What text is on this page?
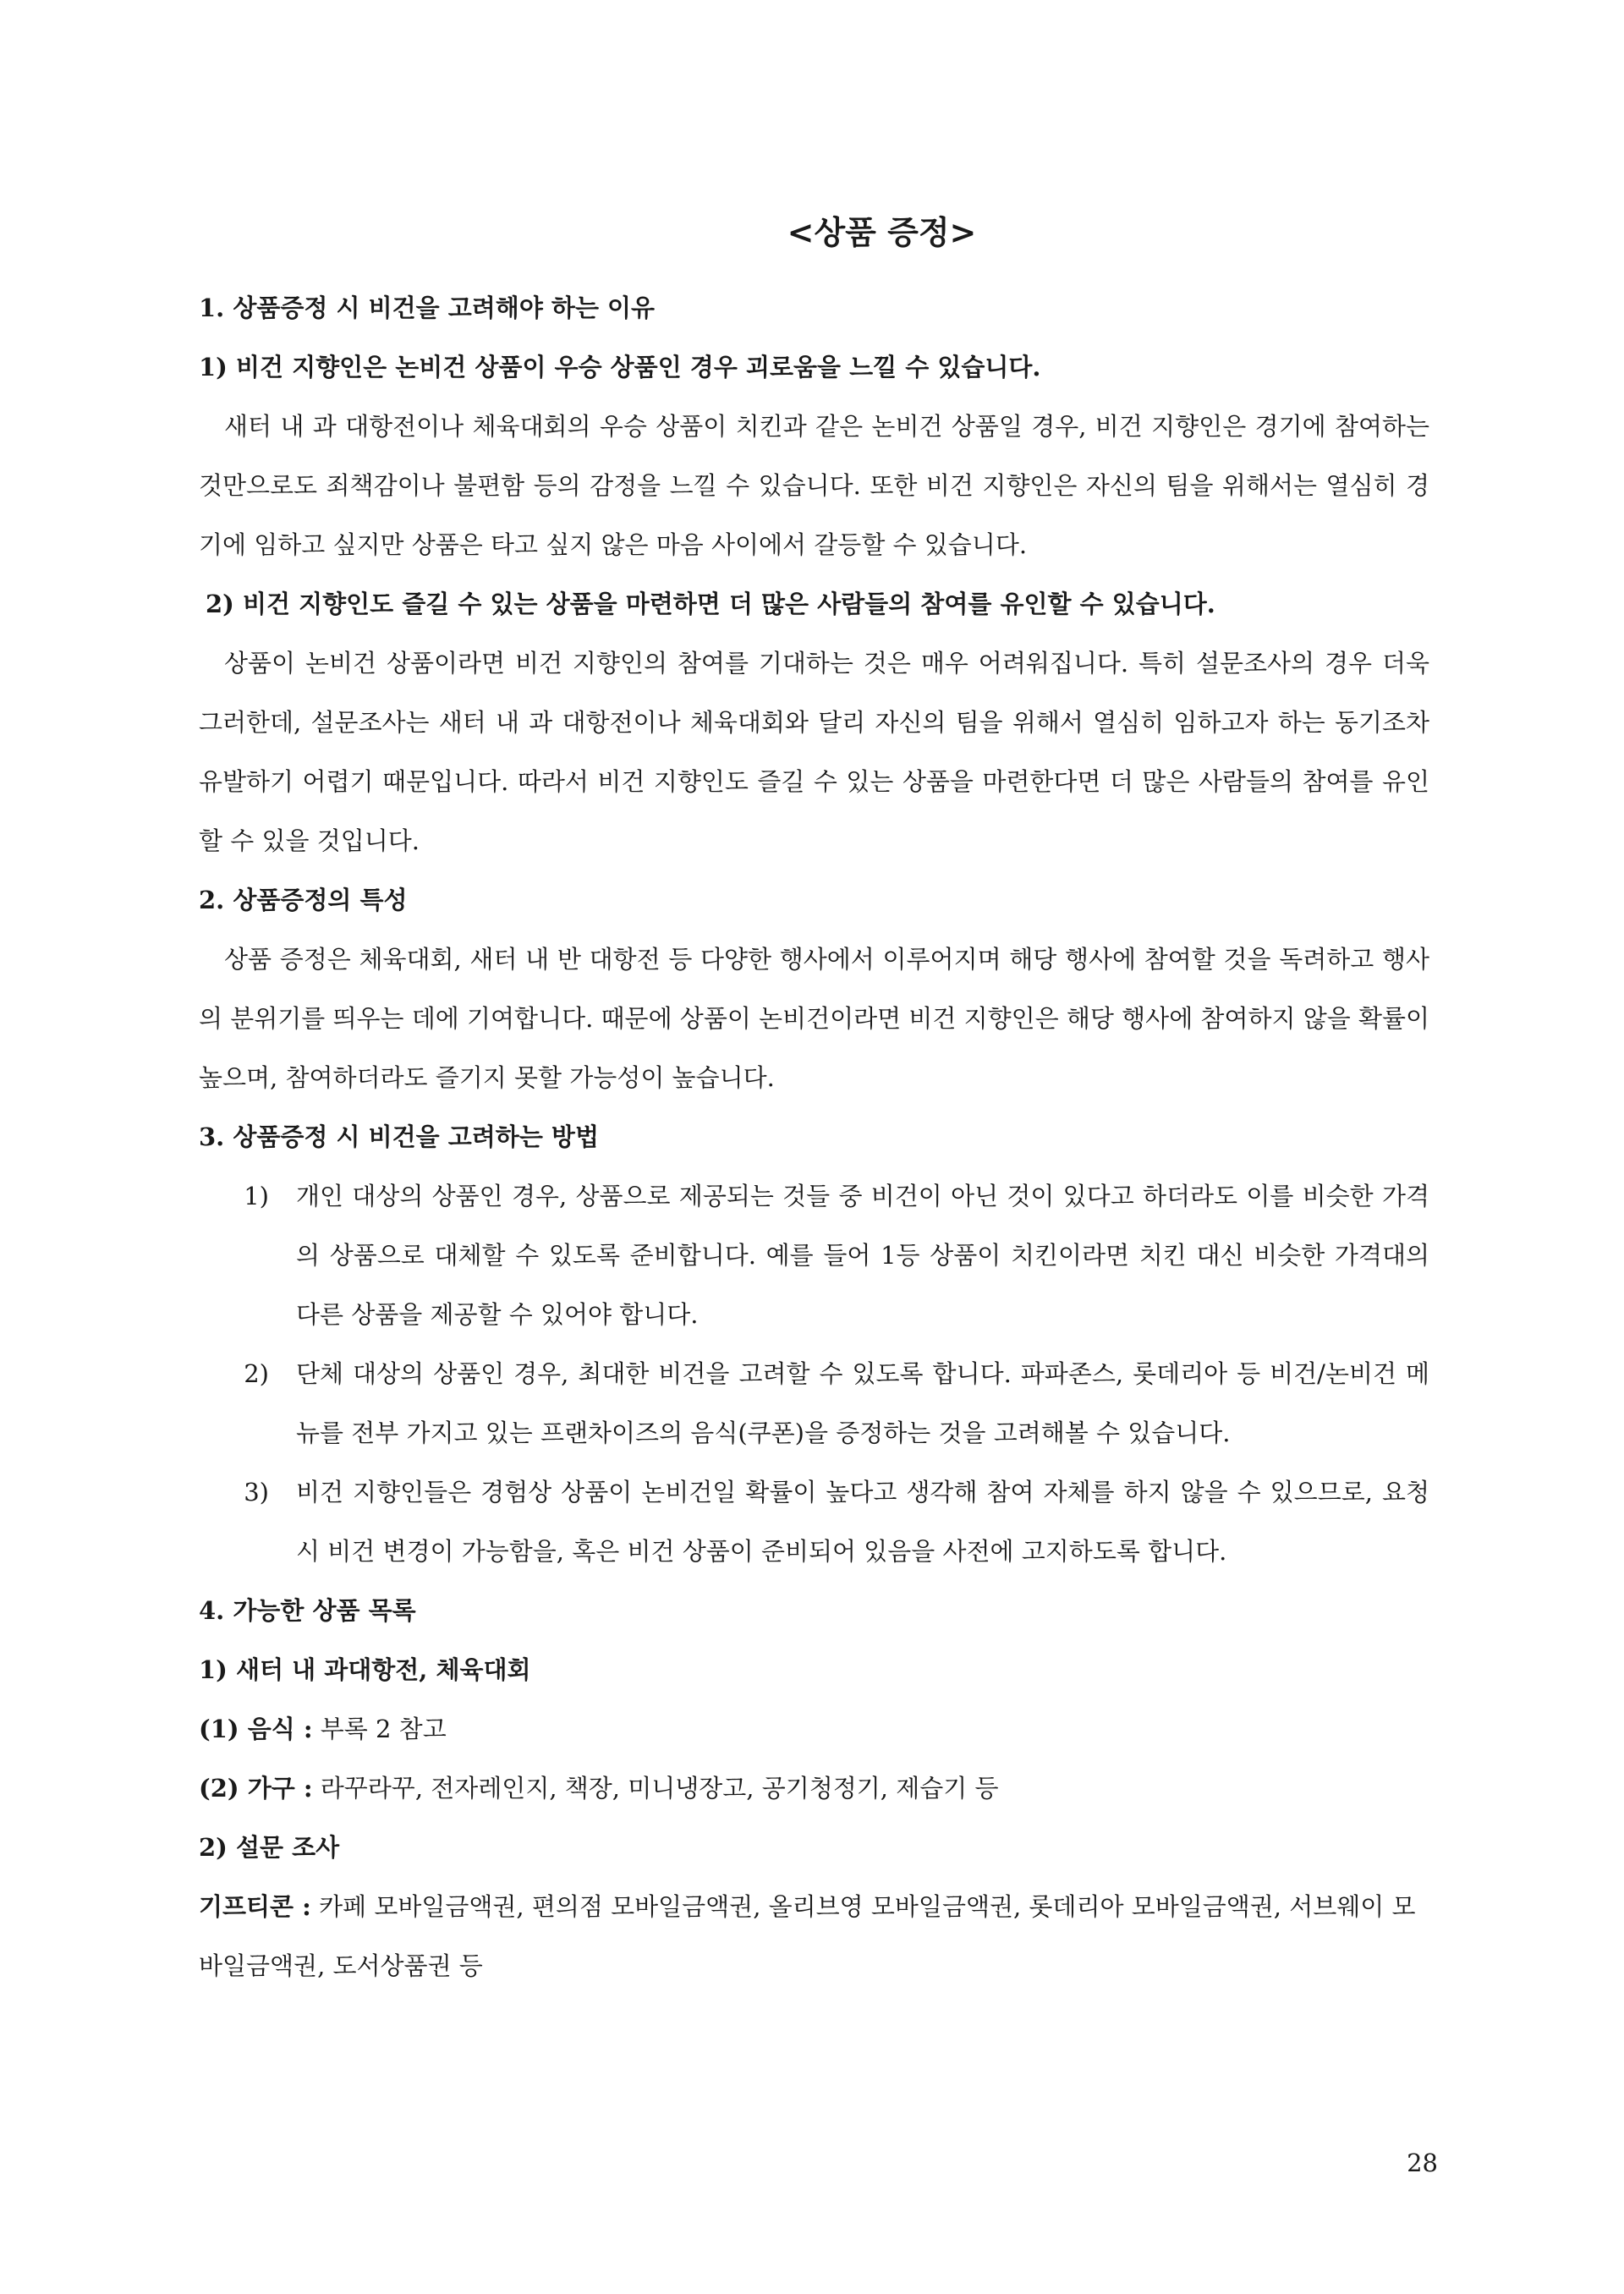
<상품 증정>

1. 상품증정 시 비건을 고려해야 하는 이유

1) 비건 지향인은 논비건 상품이 우승 상품인 경우 괴로움을 느낄 수 있습니다.

새터 내 과 대항전이나 체육대회의 우승 상품이 치킨과 같은 논비건 상품일 경우, 비건 지향인은 경기에 참여하는 것만으로도 죄책감이나 불편함 등의 감정을 느낄 수 있습니다. 또한 비건 지향인은 자신의 팀을 위해서는 열심히 경기에 임하고 싶지만 상품은 타고 싶지 않은 마음 사이에서 갈등할 수 있습니다.

2) 비건 지향인도 즐길 수 있는 상품을 마련하면 더 많은 사람들의 참여를 유인할 수 있습니다.

상품이 논비건 상품이라면 비건 지향인의 참여를 기대하는 것은 매우 어려워집니다. 특히 설문조사의 경우 더욱 그러한데, 설문조사는 새터 내 과 대항전이나 체육대회와 달리 자신의 팀을 위해서 열심히 임하고자 하는 동기조차 유발하기 어렵기 때문입니다. 따라서 비건 지향인도 즐길 수 있는 상품을 마련한다면 더 많은 사람들의 참여를 유인할 수 있을 것입니다.

2. 상품증정의 특성

상품 증정은 체육대회, 새터 내 반 대항전 등 다양한 행사에서 이루어지며 해당 행사에 참여할 것을 독려하고 행사의 분위기를 띄우는 데에 기여합니다. 때문에 상품이 논비건이라면 비건 지향인은 해당 행사에 참여하지 않을 확률이 높으며, 참여하더라도 즐기지 못할 가능성이 높습니다.

3. 상품증정 시 비건을 고려하는 방법

1)	개인 대상의 상품인 경우, 상품으로 제공되는 것들 중 비건이 아닌 것이 있다고 하더라도 이를 비슷한 가격의 상품으로 대체할 수 있도록 준비합니다. 예를 들어 1등 상품이 치킨이라면 치킨 대신 비슷한 가격대의 다른 상품을 제공할 수 있어야 합니다.
2)	단체 대상의 상품인 경우, 최대한 비건을 고려할 수 있도록 합니다. 파파존스, 롯데리아 등 비건/논비건 메뉴를 전부 가지고 있는 프랜차이즈의 음식(쿠폰)을 증정하는 것을 고려해볼 수 있습니다.
3)	비건 지향인들은 경험상 상품이 논비건일 확률이 높다고 생각해 참여 자체를 하지 않을 수 있으므로, 요청 시 비건 변경이 가능함을, 혹은 비건 상품이 준비되어 있음을 사전에 고지하도록 합니다.

4. 가능한 상품 목록

1) 새터 내 과대항전, 체육대회

(1) 음식 : 부록 2 참고

(2) 가구 : 라꾸라꾸, 전자레인지, 책장, 미니냉장고, 공기청정기, 제습기 등

2) 설문 조사

기프티콘 : 카페 모바일금액권, 편의점 모바일금액권, 올리브영 모바일금액권, 롯데리아 모바일금액권, 서브웨이 모바일금액권, 도서상품권 등

28
